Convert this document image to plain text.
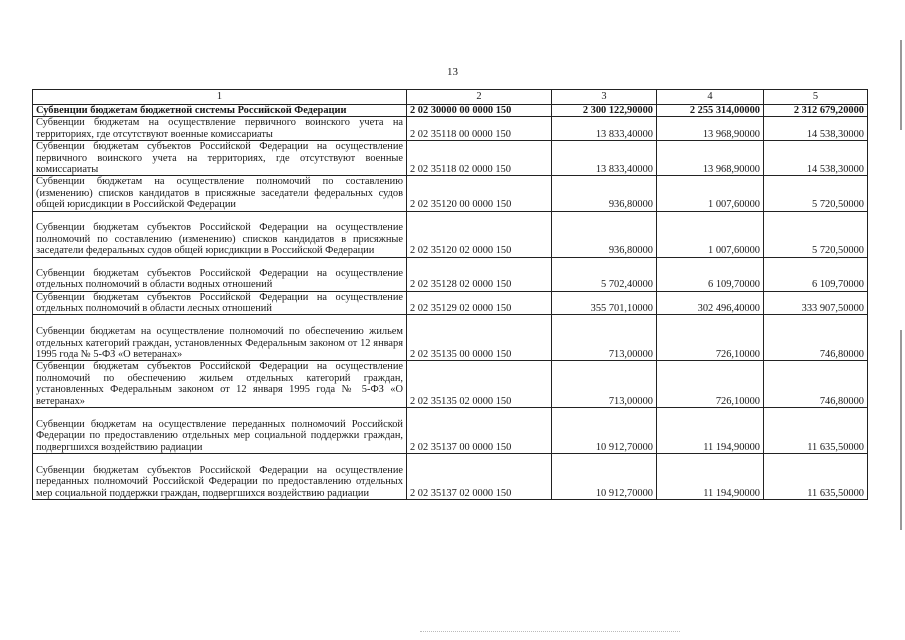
13
1	2	3	4	5
Субвенции бюджетам бюджетной системы Российской Федерации	2 02 30000 00 0000 150	2 300 122,90000	2 255 314,00000	2 312 679,20000
Субвенции бюджетам на осуществление первичного воинского учета на территориях, где отсутствуют военные комиссариаты	2 02 35118 00 0000 150	13 833,40000	13 968,90000	14 538,30000
Субвенции бюджетам субъектов Российской Федерации на осуществление первичного воинского учета на территориях, где отсутствуют военные комиссариаты	2 02 35118 02 0000 150	13 833,40000	13 968,90000	14 538,30000
Субвенции бюджетам на осуществление полномочий по составлению (изменению) списков кандидатов в присяжные заседатели федеральных судов общей юрисдикции в Российской Федерации	2 02 35120 00 0000 150	936,80000	1 007,60000	5 720,50000
Субвенции бюджетам субъектов Российской Федерации на осуществление полномочий по составлению (изменению) списков кандидатов в присяжные заседатели федеральных судов общей юрисдикции в Российской Федерации	2 02 35120 02 0000 150	936,80000	1 007,60000	5 720,50000
Субвенции бюджетам субъектов Российской Федерации на осуществление отдельных полномочий в области водных отношений	2 02 35128 02 0000 150	5 702,40000	6 109,70000	6 109,70000
Субвенции бюджетам субъектов Российской Федерации на осуществление отдельных полномочий в области лесных отношений	2 02 35129 02 0000 150	355 701,10000	302 496,40000	333 907,50000
Субвенции бюджетам на осуществление полномочий по обеспечению жильем отдельных категорий граждан, установленных Федеральным законом от 12 января 1995 года № 5-ФЗ «О ветеранах»	2 02 35135 00 0000 150	713,00000	726,10000	746,80000
Субвенции бюджетам субъектов Российской Федерации на осуществление полномочий по обеспечению жильем отдельных категорий граждан, установленных Федеральным законом от 12 января 1995 года № 5-ФЗ «О ветеранах»	2 02 35135 02 0000 150	713,00000	726,10000	746,80000
Субвенции бюджетам на осуществление переданных полномочий Российской Федерации по предоставлению отдельных мер социальной поддержки граждан, подвергшихся воздействию радиации	2 02 35137 00 0000 150	10 912,70000	11 194,90000	11 635,50000
Субвенции бюджетам субъектов Российской Федерации на осуществление переданных полномочий Российской Федерации по предоставлению отдельных мер социальной поддержки граждан, подвергшихся воздействию радиации	2 02 35137 02 0000 150	10 912,70000	11 194,90000	11 635,50000
